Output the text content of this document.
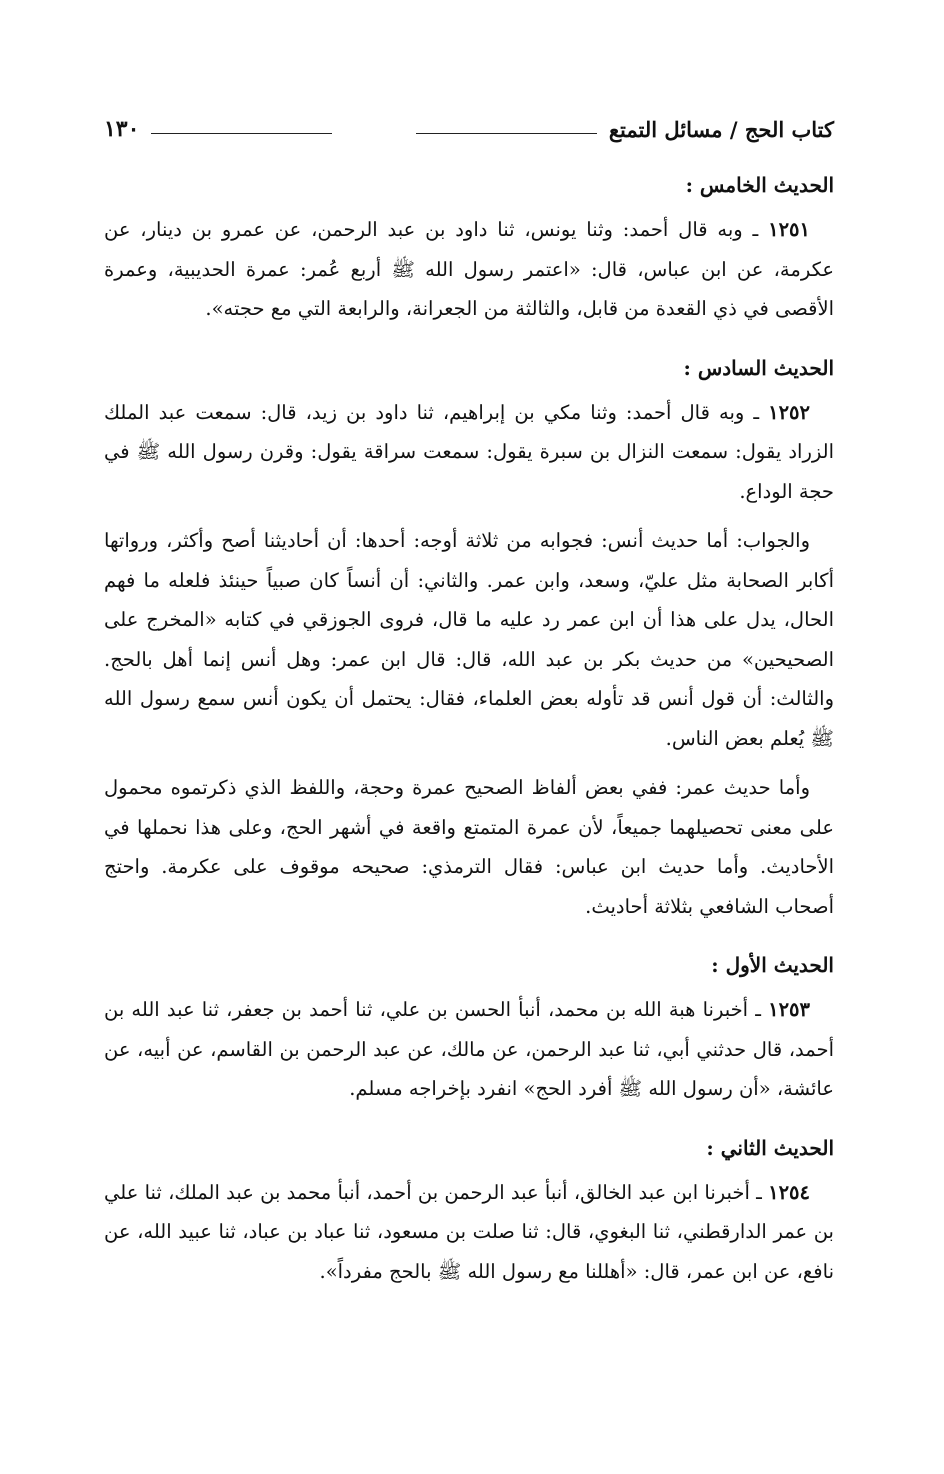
كتاب الحج / مسائل التمتع
١٣٠
الحديث الخامس :

١٢٥١ ـ وبه قال أحمد: وثنا يونس، ثنا داود بن عبد الرحمن، عن عمرو بن دينار، عن عكرمة، عن ابن عباس، قال: «اعتمر رسول الله ﷺ أربع عُمر: عمرة الحديبية، وعمرة الأقصى في ذي القعدة من قابل، والثالثة من الجعرانة، والرابعة التي مع حجته».

الحديث السادس :

١٢٥٢ ـ وبه قال أحمد: وثنا مكي بن إبراهيم، ثنا داود بن زيد، قال: سمعت عبد الملك الزراد يقول: سمعت النزال بن سبرة يقول: سمعت سراقة يقول: وقرن رسول الله ﷺ في حجة الوداع.

والجواب: أما حديث أنس: فجوابه من ثلاثة أوجه: أحدها: أن أحاديثنا أصح وأكثر، ورواتها أكابر الصحابة مثل عليّ، وسعد، وابن عمر. والثاني: أن أنساً كان صبياً حينئذ فلعله ما فهم الحال، يدل على هذا أن ابن عمر رد عليه ما قال، فروى الجوزقي في كتابه «المخرج على الصحيحين» من حديث بكر بن عبد الله، قال: قال ابن عمر: وهل أنس إنما أهل بالحج. والثالث: أن قول أنس قد تأوله بعض العلماء، فقال: يحتمل أن يكون أنس سمع رسول الله ﷺ يُعلم بعض الناس.

وأما حديث عمر: ففي بعض ألفاظ الصحيح عمرة وحجة، واللفظ الذي ذكرتموه محمول على معنى تحصيلهما جميعاً، لأن عمرة المتمتع واقعة في أشهر الحج، وعلى هذا نحملها في الأحاديث. وأما حديث ابن عباس: فقال الترمذي: صحيحه موقوف على عكرمة. واحتج أصحاب الشافعي بثلاثة أحاديث.

الحديث الأول :

١٢٥٣ ـ أخبرنا هبة الله بن محمد، أنبأ الحسن بن علي، ثنا أحمد بن جعفر، ثنا عبد الله بن أحمد، قال حدثني أبي، ثنا عبد الرحمن، عن مالك، عن عبد الرحمن بن القاسم، عن أبيه، عن عائشة، «أن رسول الله ﷺ أفرد الحج» انفرد بإخراجه مسلم.

الحديث الثاني :

١٢٥٤ ـ أخبرنا ابن عبد الخالق، أنبأ عبد الرحمن بن أحمد، أنبأ محمد بن عبد الملك، ثنا علي بن عمر الدارقطني، ثنا البغوي، قال: ثنا صلت بن مسعود، ثنا عباد بن عباد، ثنا عبيد الله، عن نافع، عن ابن عمر، قال: «أهللنا مع رسول الله ﷺ بالحج مفرداً».
